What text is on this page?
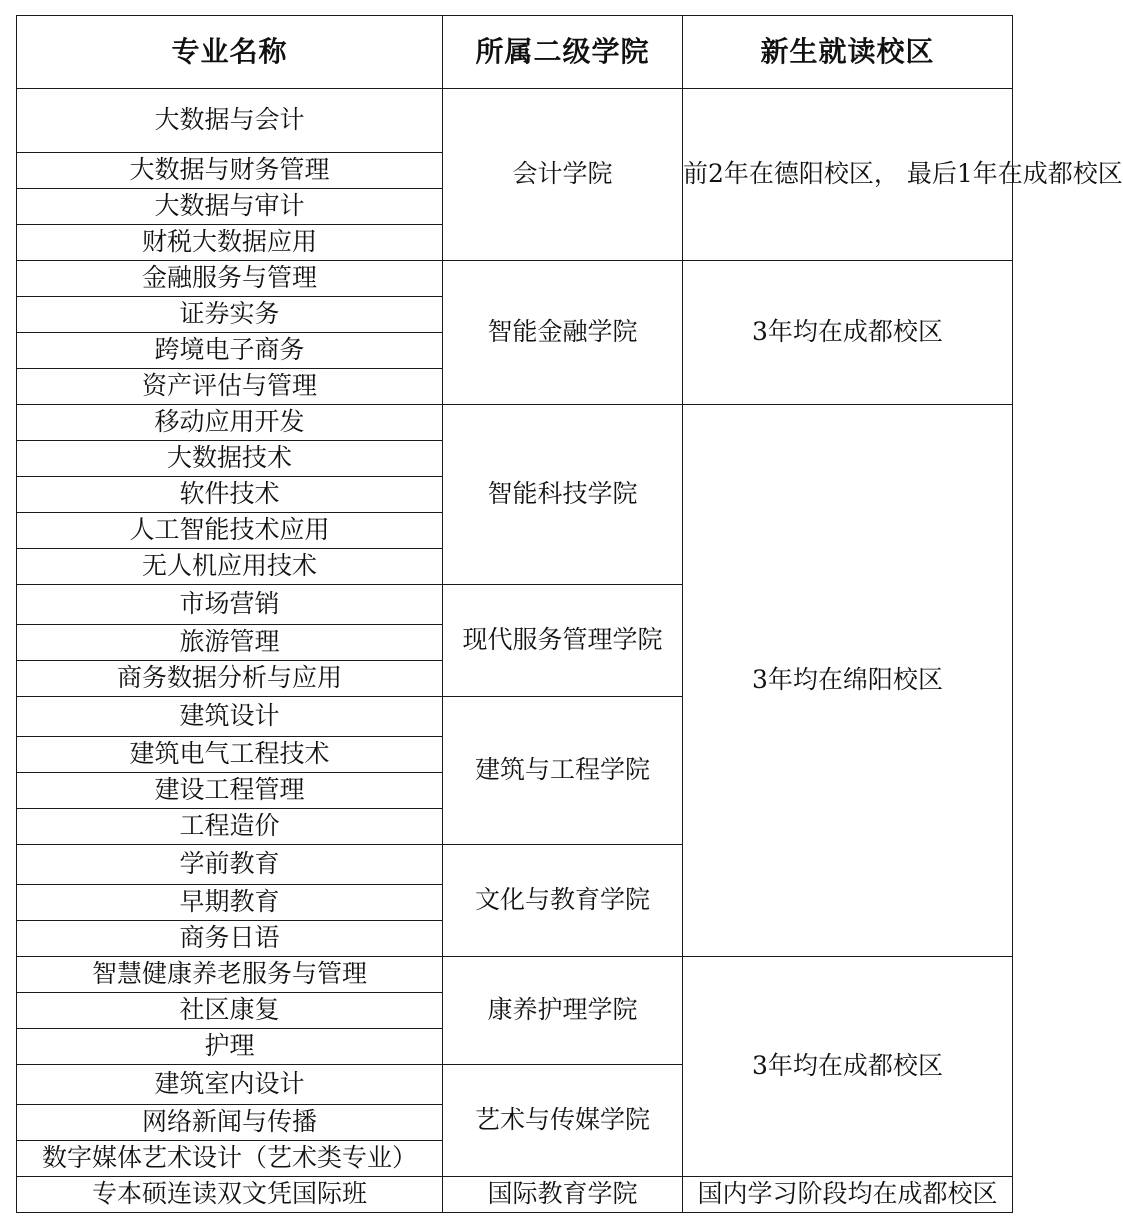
专业名称	所属二级学院	新生就读校区
大数据与会计	会计学院	前2年在德阳校区， 最后1年在成都校区
大数据与财务管理		
大数据与审计		
财税大数据应用		
金融服务与管理	智能金融学院	3年均在成都校区
证券实务		
跨境电子商务		
资产评估与管理		
移动应用开发	智能科技学院	3年均在绵阳校区
大数据技术		
软件技术		
人工智能技术应用		
无人机应用技术		
市场营销	现代服务管理学院	
旅游管理		
商务数据分析与应用		
建筑设计	建筑与工程学院	
建筑电气工程技术		
建设工程管理		
工程造价		
学前教育	文化与教育学院	
早期教育		
商务日语		
智慧健康养老服务与管理	康养护理学院	3年均在成都校区
社区康复		
护理		
建筑室内设计	艺术与传媒学院	
网络新闻与传播		
数字媒体艺术设计（艺术类专业）		
专本硕连读双文凭国际班	国际教育学院	国内学习阶段均在成都校区
